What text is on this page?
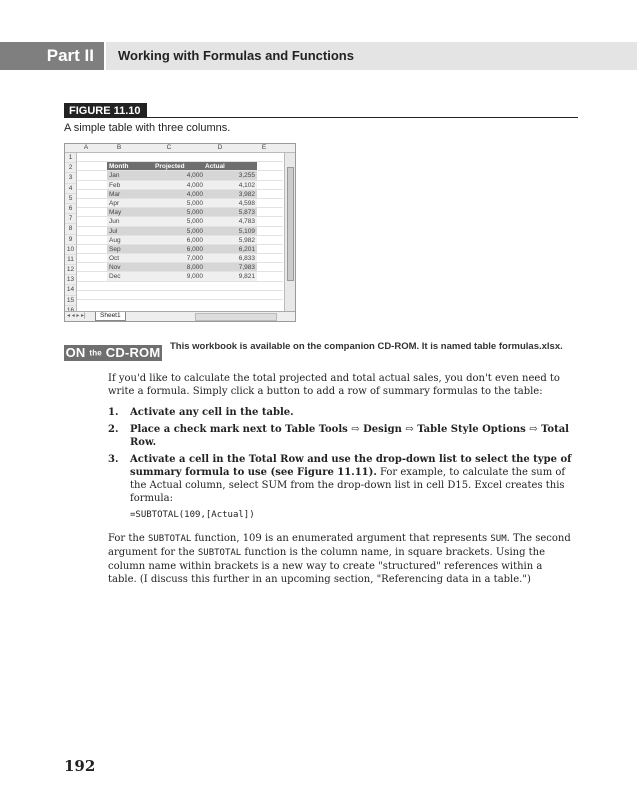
Part II	Working with Formulas and Functions
FIGURE 11.10
A simple table with three columns.
A	B	C	D	E
1
2
3
4
5
6
7
8
9
10
11
12
13
14
15
Month	Projected	Actual
Jan	4,000	3,255
Feb	4,000	4,102
Mar	4,000	3,982
Apr	5,000	4,598
May	5,000	5,873
Jun	5,000	4,783
Jul	5,000	5,109
Aug	6,000	5,982
Sep	6,000	6,201
Oct	7,000	6,833
Nov	8,000	7,983
Dec	9,000	9,821
◂ ◂ ▸ ▸|	Sheet1
ON the CD-ROM This workbook is available on the companion CD-ROM. It is named table formulas.xlsx.

If you'd like to calculate the total projected and total actual sales, you don't even need to write a formula. Simply click a button to add a row of summary formulas to the table:

1. Activate any cell in the table.
2. Place a check mark next to Table Tools ⇨ Design ⇨ Table Style Options ⇨ Total Row.
3. Activate a cell in the Total Row and use the drop-down list to select the type of summary formula to use (see Figure 11.11). For example, to calculate the sum of the Actual column, select SUM from the drop-down list in cell D15. Excel creates this formula:
=SUBTOTAL(109,[Actual])

For the SUBTOTAL function, 109 is an enumerated argument that represents SUM. The second argument for the SUBTOTAL function is the column name, in square brackets. Using the column name within brackets is a new way to create "structured" references within a table. (I discuss this further in an upcoming section, "Referencing data in a table.")

192
